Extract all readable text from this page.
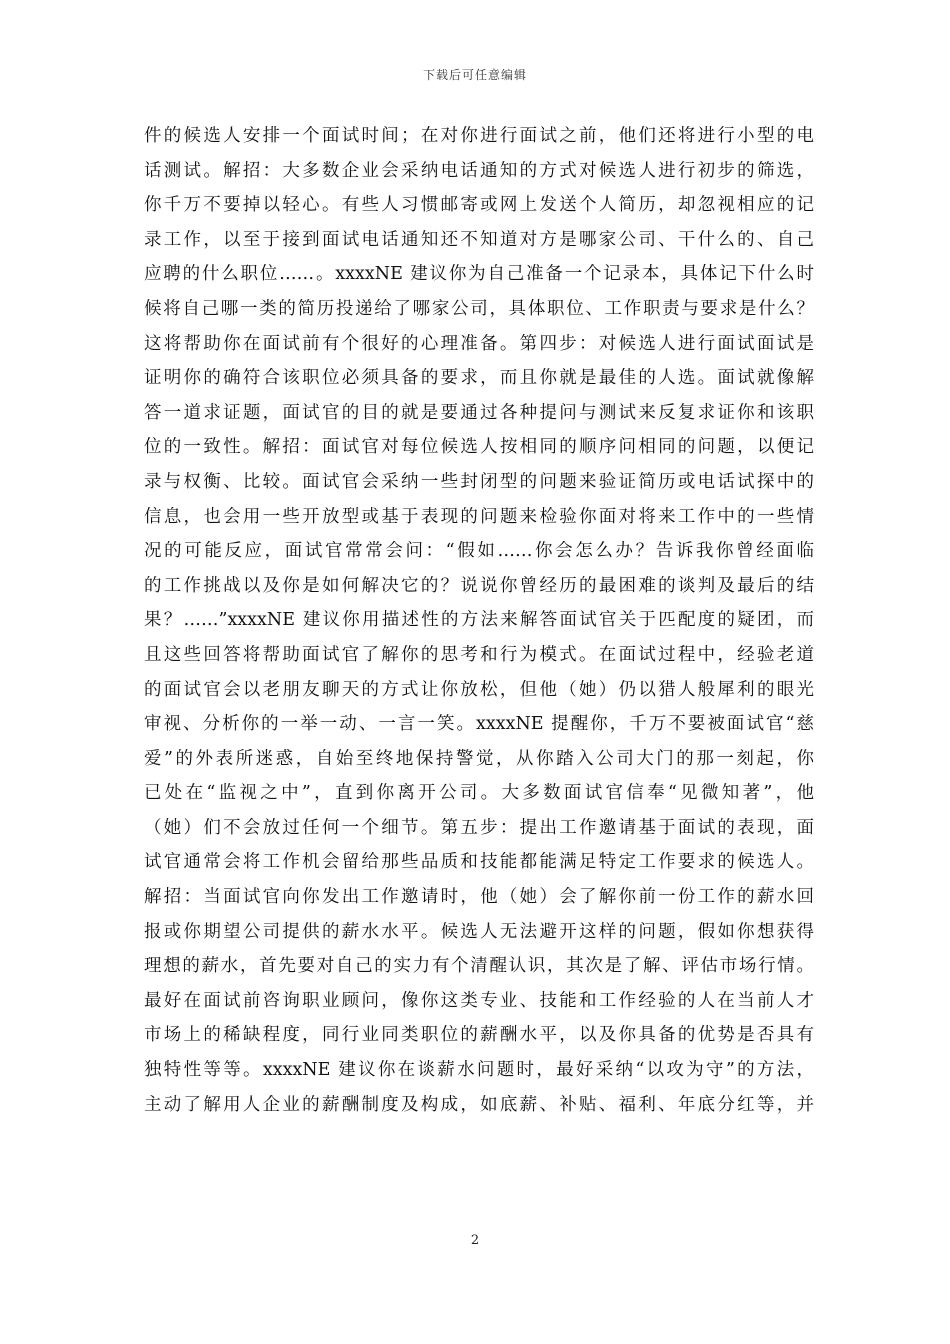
下载后可任意编辑
件的候选人安排一个面试时间；在对你进行面试之前，他们还将进行小型的电
话测试。解招：大多数企业会采纳电话通知的方式对候选人进行初步的筛选，
你千万不要掉以轻心。有些人习惯邮寄或网上发送个人简历，却忽视相应的记
录工作，以至于接到面试电话通知还不知道对方是哪家公司、干什么的、自己
应聘的什么职位……。xxxxNE 建议你为自己准备一个记录本，具体记下什么时
候将自己哪一类的简历投递给了哪家公司，具体职位、工作职责与要求是什么？
这将帮助你在面试前有个很好的心理准备。第四步：对候选人进行面试面试是
证明你的确符合该职位必须具备的要求，而且你就是最佳的人选。面试就像解
答一道求证题，面试官的目的就是要通过各种提问与测试来反复求证你和该职
位的一致性。解招：面试官对每位候选人按相同的顺序问相同的问题，以便记
录与权衡、比较。面试官会采纳一些封闭型的问题来验证简历或电话试探中的
信息，也会用一些开放型或基于表现的问题来检验你面对将来工作中的一些情
况的可能反应，面试官常常会问：“假如……你会怎么办？告诉我你曾经面临
的工作挑战以及你是如何解决它的？说说你曾经历的最困难的谈判及最后的结
果？……”xxxxNE 建议你用描述性的方法来解答面试官关于匹配度的疑团，而
且这些回答将帮助面试官了解你的思考和行为模式。在面试过程中，经验老道
的面试官会以老朋友聊天的方式让你放松，但他（她）仍以猎人般犀利的眼光
审视、分析你的一举一动、一言一笑。xxxxNE 提醒你，千万不要被面试官“慈
爱”的外表所迷惑，自始至终地保持警觉，从你踏入公司大门的那一刻起，你
已处在“监视之中”，直到你离开公司。大多数面试官信奉“见微知著”，他
（她）们不会放过任何一个细节。第五步：提出工作邀请基于面试的表现，面
试官通常会将工作机会留给那些品质和技能都能满足特定工作要求的候选人。
解招：当面试官向你发出工作邀请时，他（她）会了解你前一份工作的薪水回
报或你期望公司提供的薪水水平。候选人无法避开这样的问题，假如你想获得
理想的薪水，首先要对自己的实力有个清醒认识，其次是了解、评估市场行情。
最好在面试前咨询职业顾问，像你这类专业、技能和工作经验的人在当前人才
市场上的稀缺程度，同行业同类职位的薪酬水平，以及你具备的优势是否具有
独特性等等。xxxxNE 建议你在谈薪水问题时，最好采纳“以攻为守”的方法，
主动了解用人企业的薪酬制度及构成，如底薪、补贴、福利、年底分红等，并
2
